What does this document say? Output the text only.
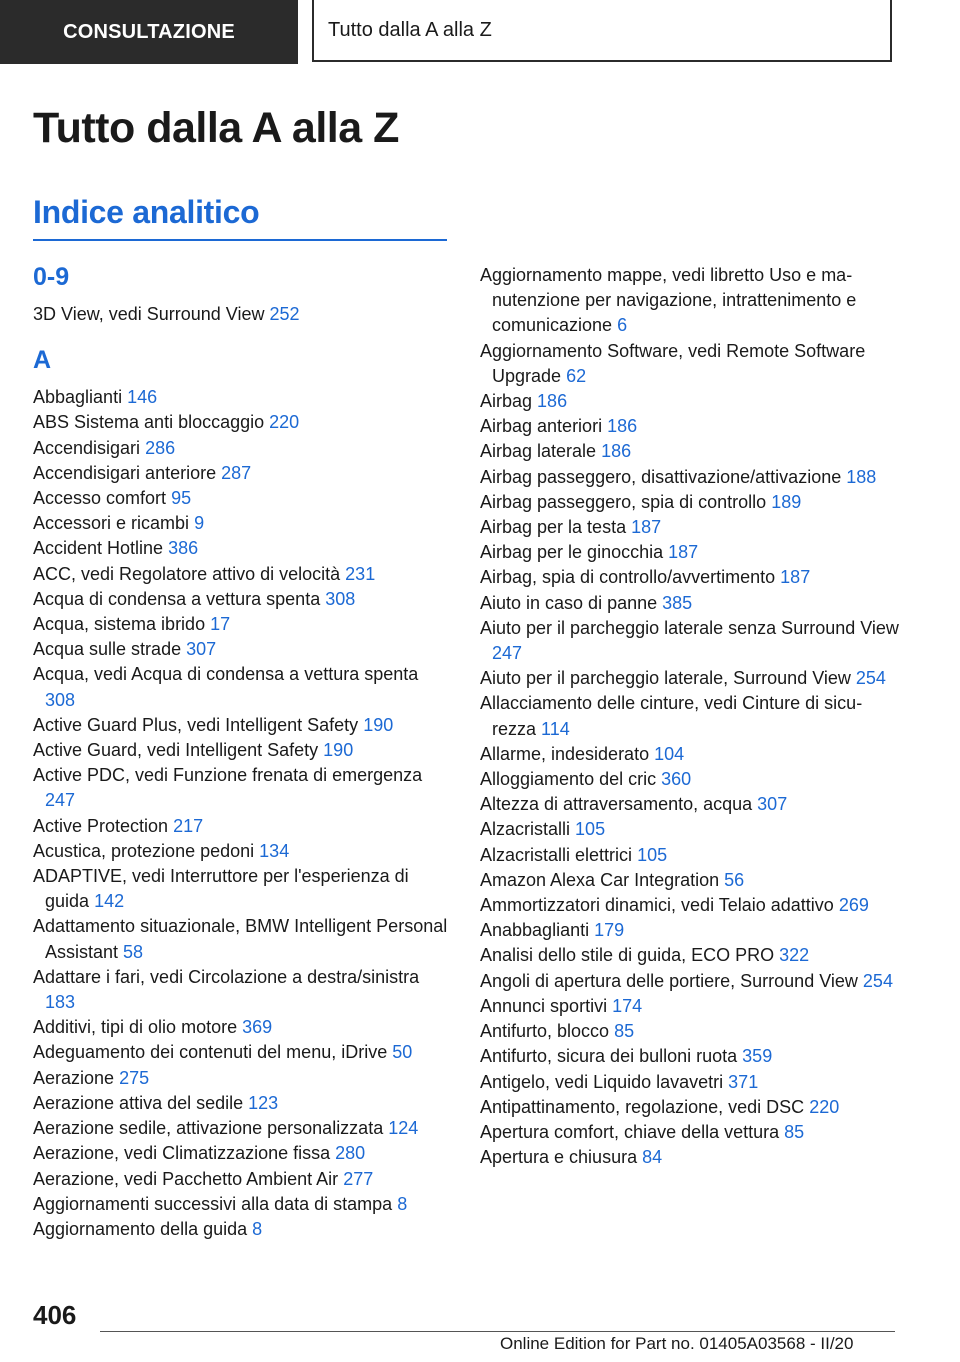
CONSULTAZIONE	Tutto dalla A alla Z
Tutto dalla A alla Z
Indice analitico
0-9
3D View, vedi Surround View 252
A
Abbaglianti 146
ABS Sistema anti bloccaggio 220
Accendisigari 286
Accendisigari anteriore 287
Accesso comfort 95
Accessori e ricambi 9
Accident Hotline 386
ACC, vedi Regolatore attivo di velocità 231
Acqua di condensa a vettura spenta 308
Acqua, sistema ibrido 17
Acqua sulle strade 307
Acqua, vedi Acqua di condensa a vettura spenta 308
Active Guard Plus, vedi Intelligent Safety 190
Active Guard, vedi Intelligent Safety 190
Active PDC, vedi Funzione frenata di emergenza 247
Active Protection 217
Acustica, protezione pedoni 134
ADAPTIVE, vedi Interruttore per l'esperienza di guida 142
Adattamento situazionale, BMW Intelligent Personal Assistant 58
Adattare i fari, vedi Circolazione a destra/sinistra 183
Additivi, tipi di olio motore 369
Adeguamento dei contenuti del menu, iDrive 50
Aerazione 275
Aerazione attiva del sedile 123
Aerazione sedile, attivazione personalizzata 124
Aerazione, vedi Climatizzazione fissa 280
Aerazione, vedi Pacchetto Ambient Air 277
Aggiornamenti successivi alla data di stampa 8
Aggiornamento della guida 8
Aggiornamento mappe, vedi libretto Uso e manutenzione per navigazione, intrattenimento e comunicazione 6
Aggiornamento Software, vedi Remote Software Upgrade 62
Airbag 186
Airbag anteriori 186
Airbag laterale 186
Airbag passeggero, disattivazione/attivazione 188
Airbag passeggero, spia di controllo 189
Airbag per la testa 187
Airbag per le ginocchia 187
Airbag, spia di controllo/avvertimento 187
Aiuto in caso di panne 385
Aiuto per il parcheggio laterale senza Surround View 247
Aiuto per il parcheggio laterale, Surround View 254
Allacciamento delle cinture, vedi Cinture di sicurezza 114
Allarme, indesiderato 104
Alloggiamento del cric 360
Altezza di attraversamento, acqua 307
Alzacristalli 105
Alzacristalli elettrici 105
Amazon Alexa Car Integration 56
Ammortizzatori dinamici, vedi Telaio adattivo 269
Anabbaglianti 179
Analisi dello stile di guida, ECO PRO 322
Angoli di apertura delle portiere, Surround View 254
Annunci sportivi 174
Antifurto, blocco 85
Antifurto, sicura dei bulloni ruota 359
Antigelo, vedi Liquido lavavetri 371
Antipattinamento, regolazione, vedi DSC 220
Apertura comfort, chiave della vettura 85
Apertura e chiusura 84
406
Online Edition for Part no. 01405A03568 - II/20
